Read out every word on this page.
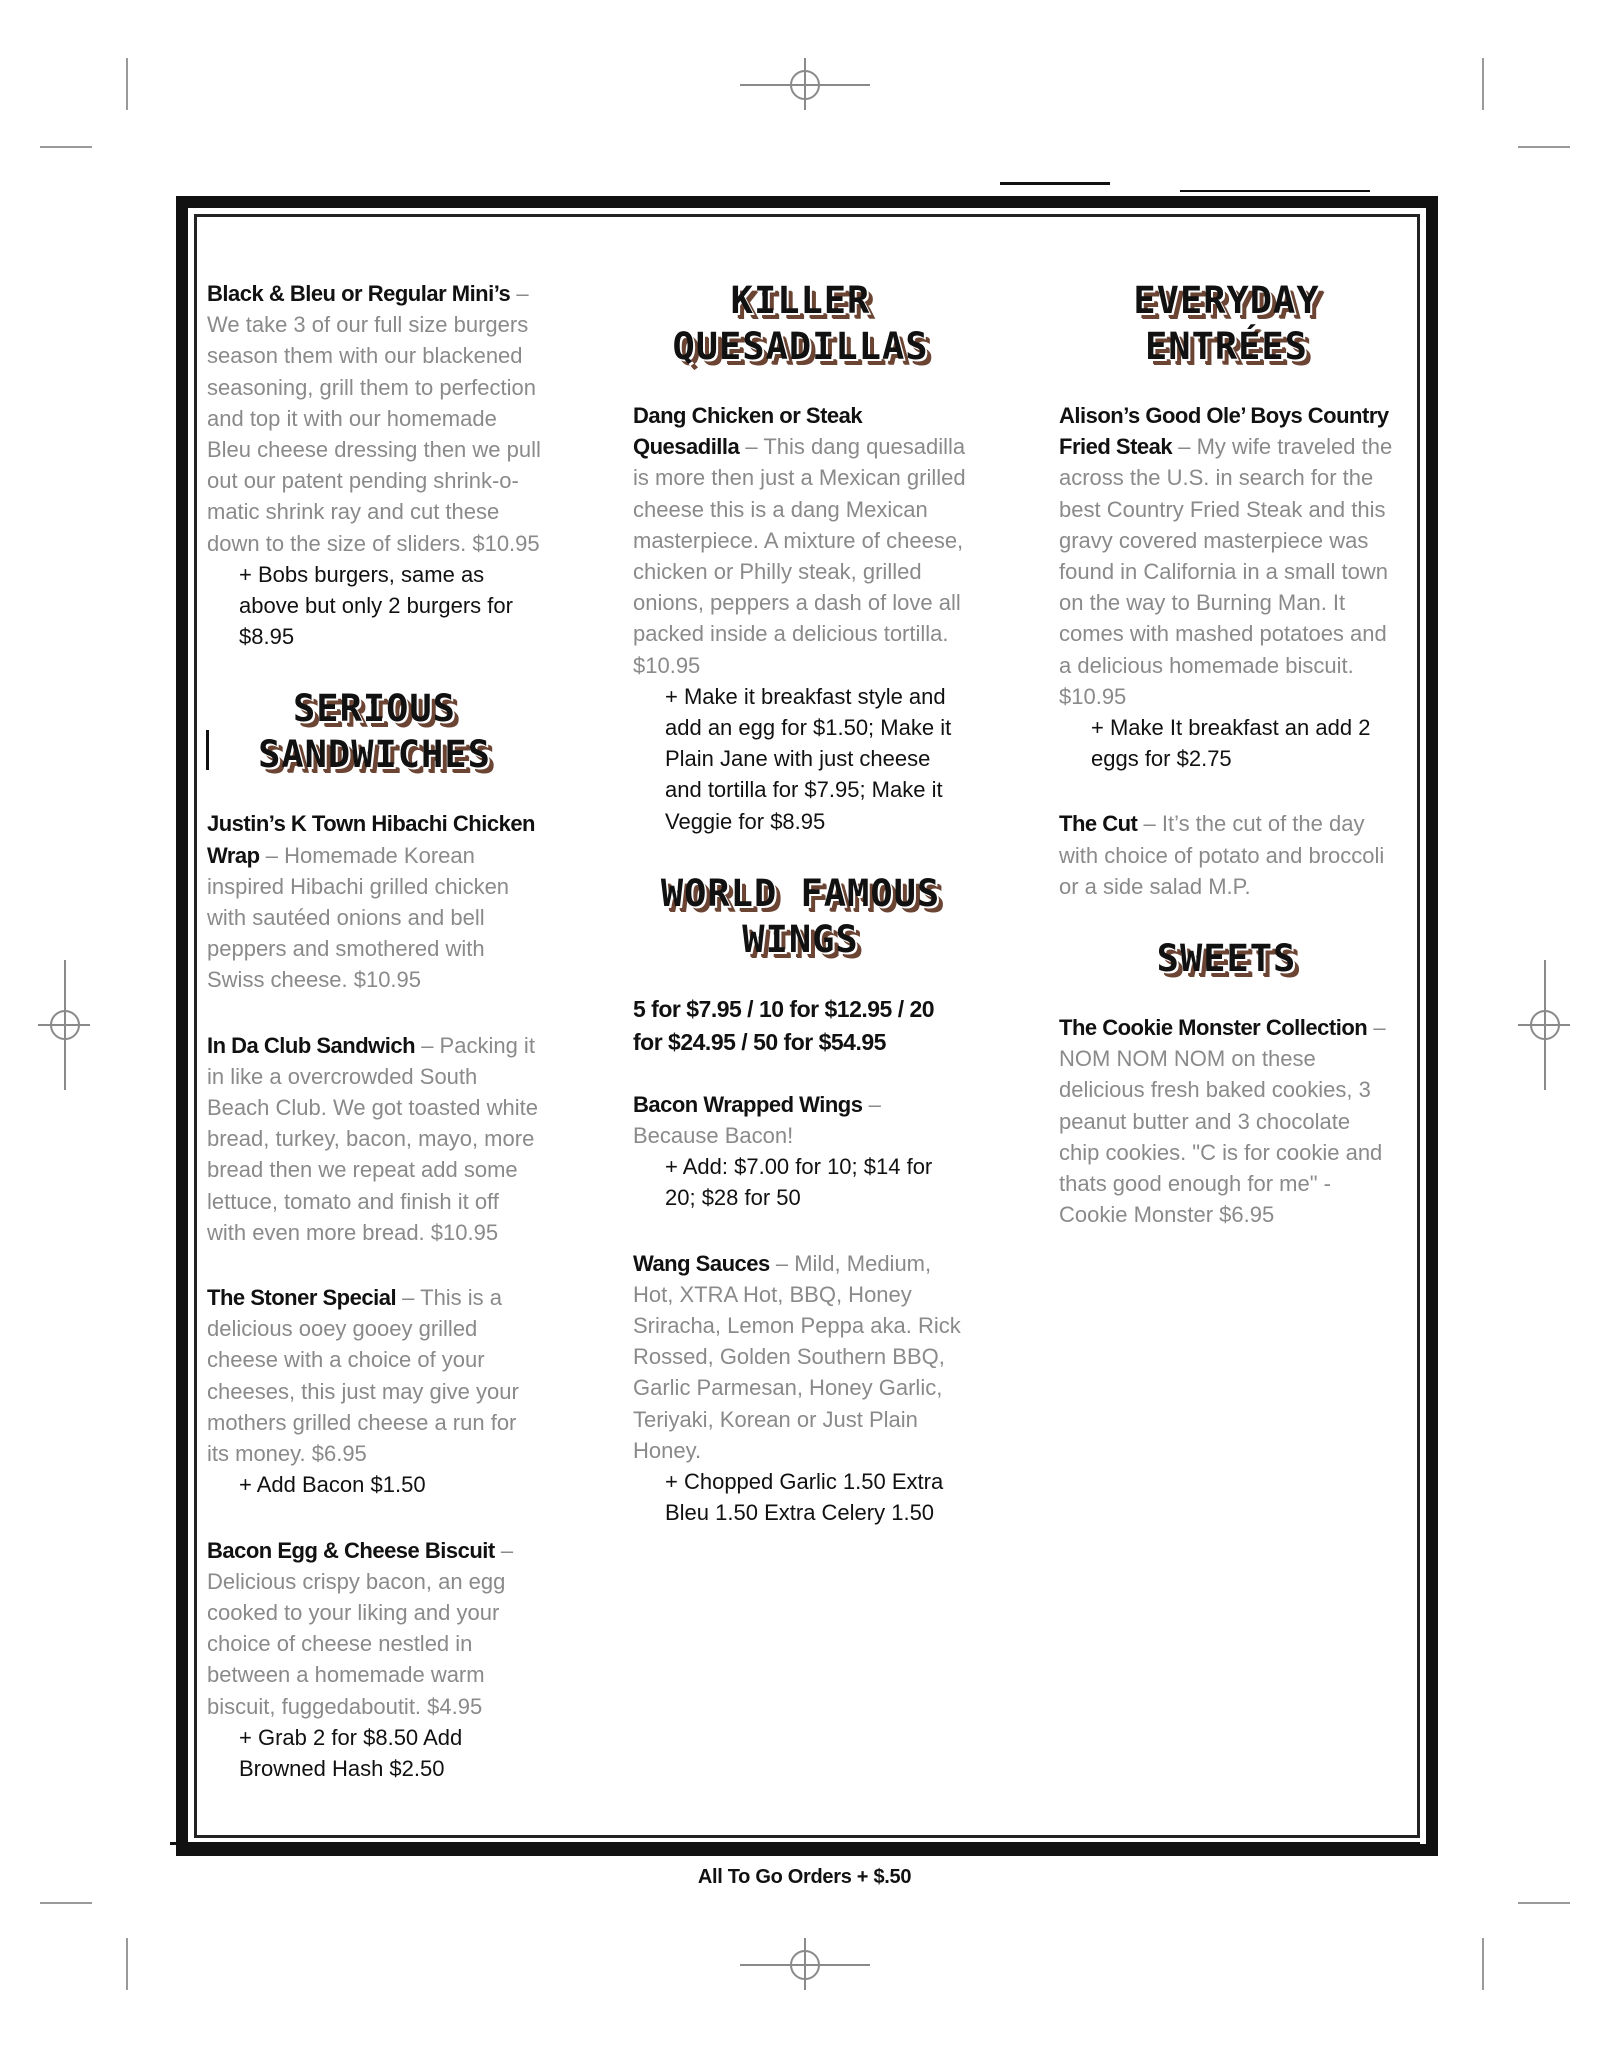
Black & Bleu or Regular Mini’s – We take 3 of our full size burgers season them with our blackened seasoning, grill them to perfection and top it with our homemade Bleu cheese dressing then we pull out our patent pending shrink-o-matic shrink ray and cut these down to the size of sliders. $10.95
+ Bobs burgers, same as above but only 2 burgers for $8.95
SERIOUS
SANDWICHES
Justin’s K Town Hibachi Chicken Wrap – Homemade Korean inspired Hibachi grilled chicken with sautéed onions and bell peppers and smothered with Swiss cheese. $10.95
In Da Club Sandwich – Packing it in like a overcrowded South Beach Club. We got toasted white bread, turkey, bacon, mayo, more bread then we repeat add some lettuce, tomato and finish it off with even more bread. $10.95
The Stoner Special – This is a delicious ooey gooey grilled cheese with a choice of your cheeses, this just may give your mothers grilled cheese a run for its money. $6.95
+ Add Bacon $1.50
Bacon Egg & Cheese Biscuit – Delicious crispy bacon, an egg cooked to your liking and your choice of cheese nestled in between a homemade warm biscuit, fuggedaboutit. $4.95
+ Grab 2 for $8.50 Add Browned Hash $2.50
KILLER
QUESADILLAS
Dang Chicken or Steak Quesadilla – This dang quesadilla is more then just a Mexican grilled cheese this is a dang Mexican masterpiece. A mixture of cheese, chicken or Philly steak, grilled onions, peppers a dash of love all packed inside a delicious tortilla. $10.95
+ Make it breakfast style and add an egg for $1.50; Make it Plain Jane with just cheese and tortilla for $7.95; Make it Veggie for $8.95
WORLD FAMOUS
WINGS
5 for $7.95 / 10 for $12.95 / 20 for $24.95 / 50 for $54.95
Bacon Wrapped Wings – Because Bacon!
+ Add: $7.00 for 10; $14 for 20; $28 for 50
Wang Sauces – Mild, Medium, Hot, XTRA Hot, BBQ, Honey Sriracha, Lemon Peppa aka. Rick Rossed, Golden Southern BBQ, Garlic Parmesan, Honey Garlic, Teriyaki, Korean or Just Plain Honey.
+ Chopped Garlic 1.50 Extra Bleu 1.50 Extra Celery 1.50
EVERYDAY
ENTRÉES
Alison’s Good Ole’ Boys Country Fried Steak – My wife traveled the across the U.S. in search for the best Country Fried Steak and this gravy covered masterpiece was found in California in a small town on the way to Burning Man. It comes with mashed potatoes and a delicious homemade biscuit. $10.95
+ Make It breakfast an add 2 eggs for $2.75
The Cut – It’s the cut of the day with choice of potato and broccoli or a side salad M.P.
SWEETS
The Cookie Monster Collection – NOM NOM NOM on these delicious fresh baked cookies, 3 peanut butter and 3 chocolate chip cookies. "C is for cookie and thats good enough for me" - Cookie Monster $6.95
All To Go Orders + $.50
